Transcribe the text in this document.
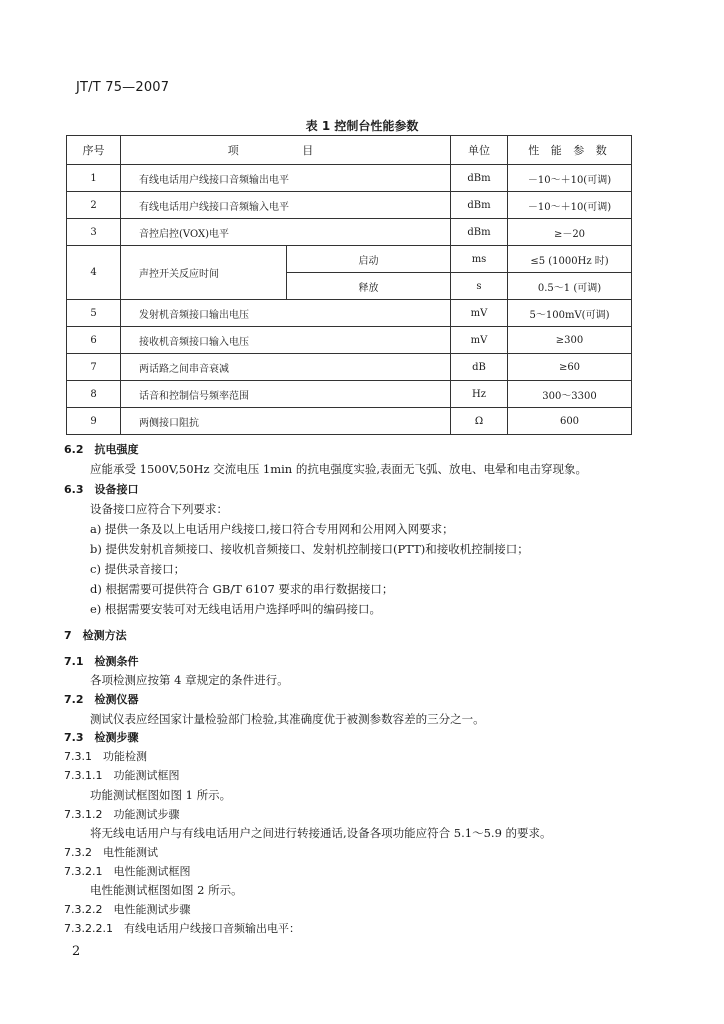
JT/T 75—2007
表 1 控制台性能参数
序号	项 目		单位	性 能 参 数
1	有线电话用户线接口音频输出电平		dBm	－10～＋10(可调)
2	有线电话用户线接口音频输入电平		dBm	－10～＋10(可调)
3	音控启控(VOX)电平		dBm	≥－20
4	声控开关反应时间	启动	ms	≤5 (1000Hz 时)
		释放	s	0.5～1 (可调)
5	发射机音频接口输出电压		mV	5～100mV(可调)
6	接收机音频接口输入电压		mV	≥300
7	两话路之间串音衰减		dB	≥60
8	话音和控制信号频率范围		Hz	300～3300
9	两侧接口阻抗		Ω	600
6.2 抗电强度
应能承受 1500V,50Hz 交流电压 1min 的抗电强度实验,表面无飞弧、放电、电晕和电击穿现象。
6.3 设备接口
设备接口应符合下列要求：
a) 提供一条及以上电话用户线接口,接口符合专用网和公用网入网要求；
b) 提供发射机音频接口、接收机音频接口、发射机控制接口(PTT)和接收机控制接口；
c) 提供录音接口；
d) 根据需要可提供符合 GB/T 6107 要求的串行数据接口；
e) 根据需要安装可对无线电话用户选择呼叫的编码接口。
7 检测方法
7.1 检测条件
各项检测应按第 4 章规定的条件进行。
7.2 检测仪器
测试仪表应经国家计量检验部门检验,其准确度优于被测参数容差的三分之一。
7.3 检测步骤
7.3.1 功能检测
7.3.1.1 功能测试框图
功能测试框图如图 1 所示。
7.3.1.2 功能测试步骤
将无线电话用户与有线电话用户之间进行转接通话,设备各项功能应符合 5.1～5.9 的要求。
7.3.2 电性能测试
7.3.2.1 电性能测试框图
电性能测试框图如图 2 所示。
7.3.2.2 电性能测试步骤
7.3.2.2.1 有线电话用户线接口音频输出电平：
2
